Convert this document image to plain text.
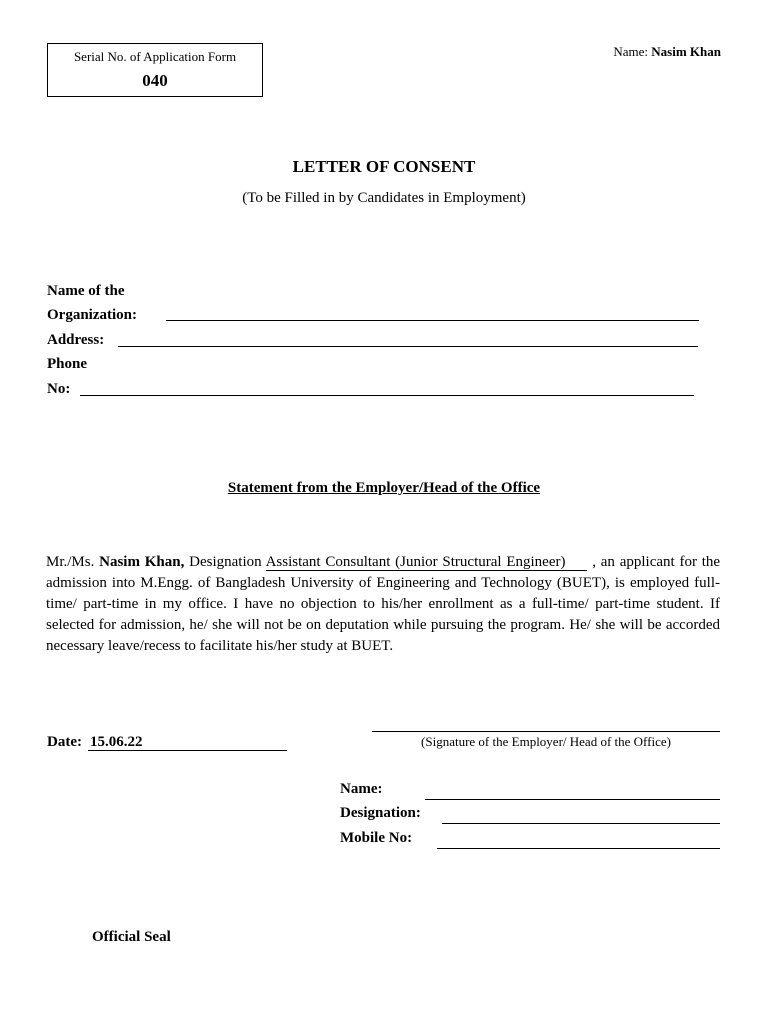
Serial No. of Application Form
040
Name: Nasim Khan
LETTER OF CONSENT
(To be Filled in by Candidates in Employment)
Name of the
Organization:
Address:
Phone
No:
Statement from the Employer/Head of the Office
Mr./Ms. Nasim Khan, Designation Assistant Consultant (Junior Structural Engineer) , an applicant for the admission into M.Engg. of Bangladesh University of Engineering and Technology (BUET), is employed full-time/ part-time in my office. I have no objection to his/her enrollment as a full-time/ part-time student. If selected for admission, he/ she will not be on deputation while pursuing the program. He/ she will be accorded necessary leave/recess to facilitate his/her study at BUET.
Date: 15.06.22	(Signature of the Employer/ Head of the Office)
Name:
Designation:
Mobile No:
Official Seal
